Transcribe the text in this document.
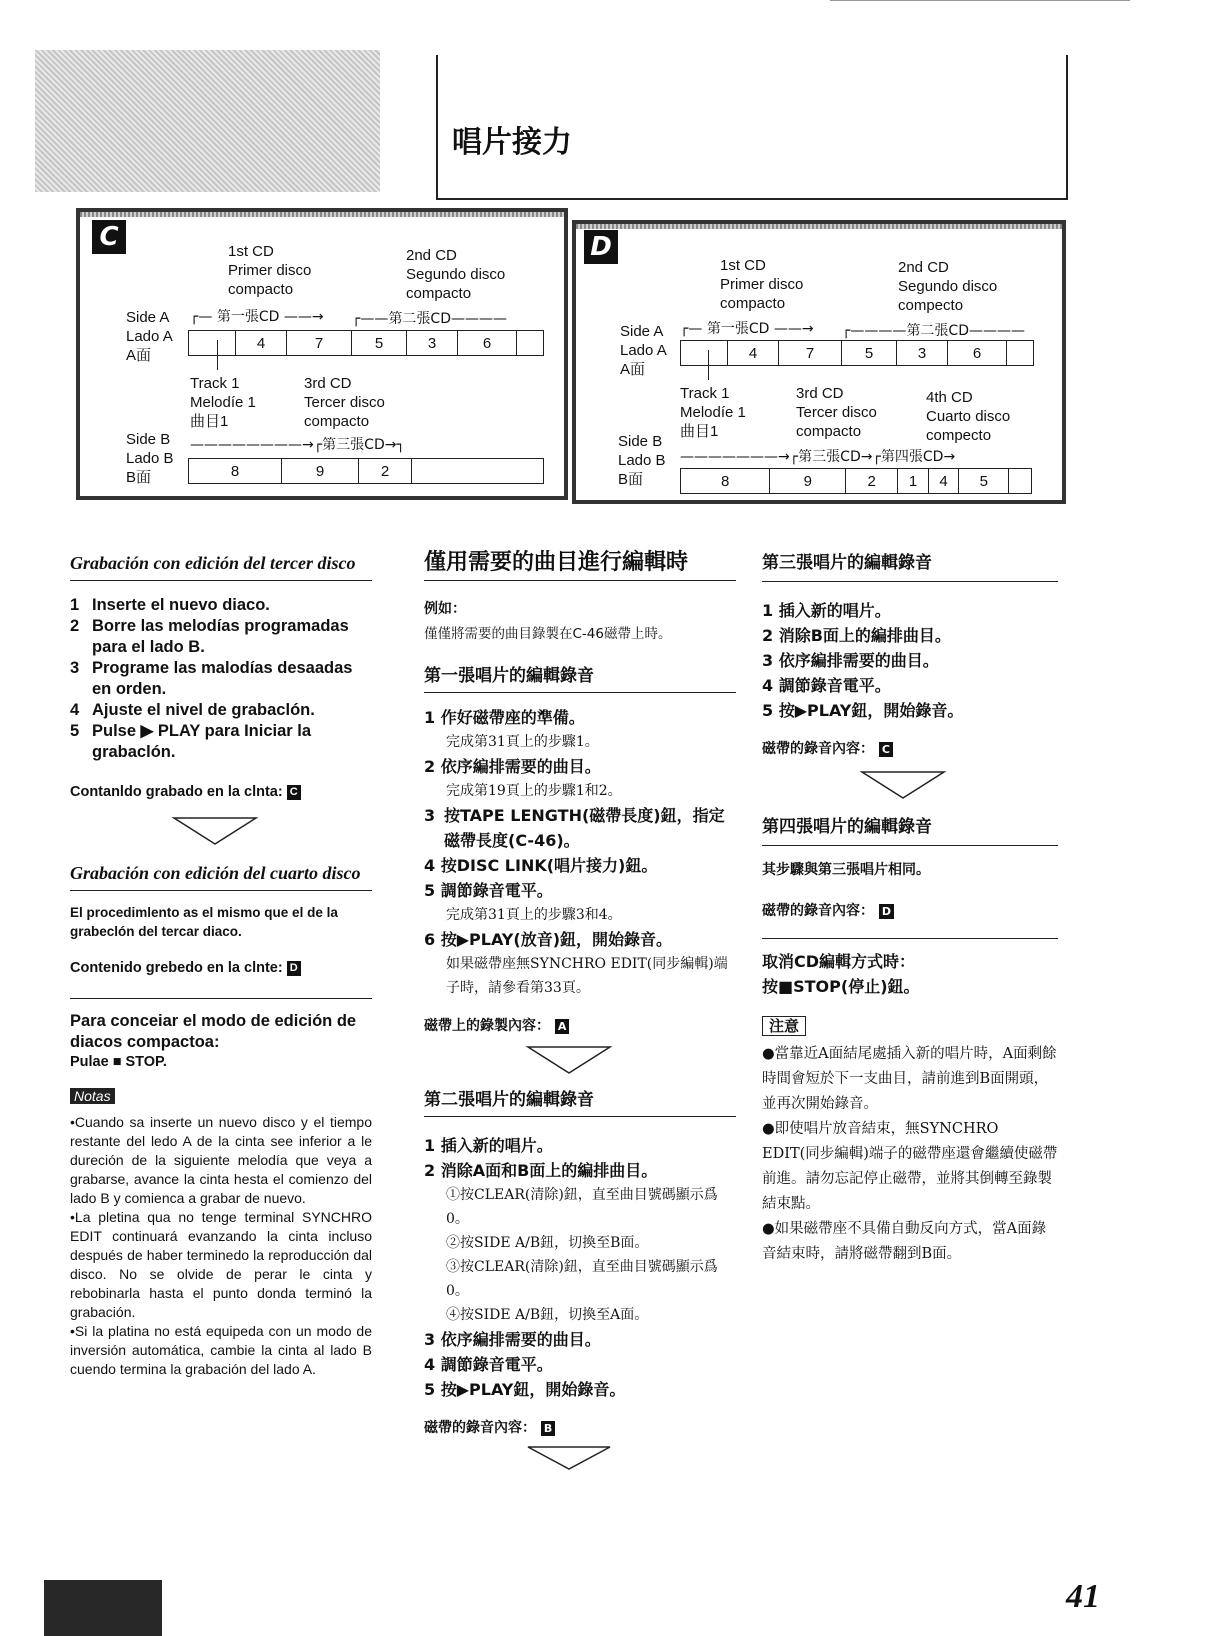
唱片接力
C	1st CD
Primer disco
compacto
2nd CD
Segundo disco
compacto
Side A
Lado A
A面
┌— 第一張CD ——→ ┌——第二張CD————
4	7	5	3	6
Track 1
Melodíe 1
曲目1
3rd CD
Tercer disco
compacto
Side B
Lado B
B面
————————→┌第三張CD→┐
8	9	2
D
1st CD
Primer disco
compacto
2nd CD
Segundo disco
compecto
Side A
Lado A
A面
┌— 第一張CD ——→ ┌————第二張CD————
4	7	5	3	6
Track 1
Melodíe 1
曲目1
3rd CD
Tercer disco
compacto
4th CD
Cuarto disco
compecto
Side B
Lado B
B面
———————→┌第三張CD→┌第四張CD→
8	9	2	1	4	5
Grabación con edición del tercer disco
1 Inserte el nuevo diaco.
2 Borre las melodías programadas para el lado B.
3 Programe las malodías desaadas en orden.
4 Ajuste el nivel de grabaclón.
5 Pulse ▶ PLAY para Iniciar la grabaclón.
Contanldo grabado en la clnta: C
Grabación con edición del cuarto disco
El procedimlento as el mismo que el de la grabeclón del tercar diaco.
Contenido grebedo en la clnte: D
Para conceiar el modo de edición de diacos compactoa:
Pulae ■ STOP.
Notas
•Cuando sa inserte un nuevo disco y el tiempo restante del ledo A de la cinta see inferior a le dureción de la siguiente melodía que veya a grabarse, avance la cinta hesta el comienzo del lado B y comienca a grabar de nuevo.
•La pletina qua no tenge terminal SYNCHRO EDIT continuará evanzando la cinta incluso después de haber terminedo la reproducción dal disco. No se olvide de perar le cinta y rebobinarla hasta el punto donda terminó la grabación.
•Si la platina no está equipeda con un modo de inversión automática, cambie la cinta al lado B cuendo termina la grabación del lado A.
僅用需要的曲目進行編輯時
例如：
僅僅將需要的曲目錄製在C-46磁帶上時。
第一張唱片的編輯錄音
1 作好磁帶座的準備。
完成第31頁上的步驟1。
2 依序編排需要的曲目。
完成第19頁上的步驟1和2。
3 按TAPE LENGTH(磁帶長度)鈕，指定磁帶長度(C-46)。
4 按DISC LINK(唱片接力)鈕。
5 調節錄音電平。
完成第31頁上的步驟3和4。
6 按▶PLAY(放音)鈕，開始錄音。
如果磁帶座無SYNCHRO EDIT(同步編輯)端子時，請參看第33頁。
磁帶上的錄製內容： A
第二張唱片的編輯錄音
1 插入新的唱片。
2 消除A面和B面上的編排曲目。
①按CLEAR(清除)鈕，直至曲目號碼顯示爲0。
②按SIDE A/B鈕，切換至B面。
③按CLEAR(清除)鈕，直至曲目號碼顯示爲0。
④按SIDE A/B鈕，切換至A面。
3 依序編排需要的曲目。
4 調節錄音電平。
5 按▶PLAY鈕，開始錄音。
磁帶的錄音內容： B
第三張唱片的編輯錄音
1 插入新的唱片。
2 消除B面上的編排曲目。
3 依序編排需要的曲目。
4 調節錄音電平。
5 按▶PLAY鈕，開始錄音。
磁帶的錄音內容： C
第四張唱片的編輯錄音
其步驟與第三張唱片相同。
磁帶的錄音內容： D
取消CD編輯方式時：
按■STOP(停止)鈕。
注意
●當靠近A面結尾處插入新的唱片時，A面剩餘 時間會短於下一支曲目，請前進到B面開頭，並再次開始錄音。
●即使唱片放音結束，無SYNCHRO EDIT(同步編輯)端子的磁帶座還會繼續使磁帶前進。請勿忘記停止磁帶，並將其倒轉至錄製結束點。
●如果磁帶座不具備自動反向方式，當A面錄音結束時，請將磁帶翻到B面。
41
